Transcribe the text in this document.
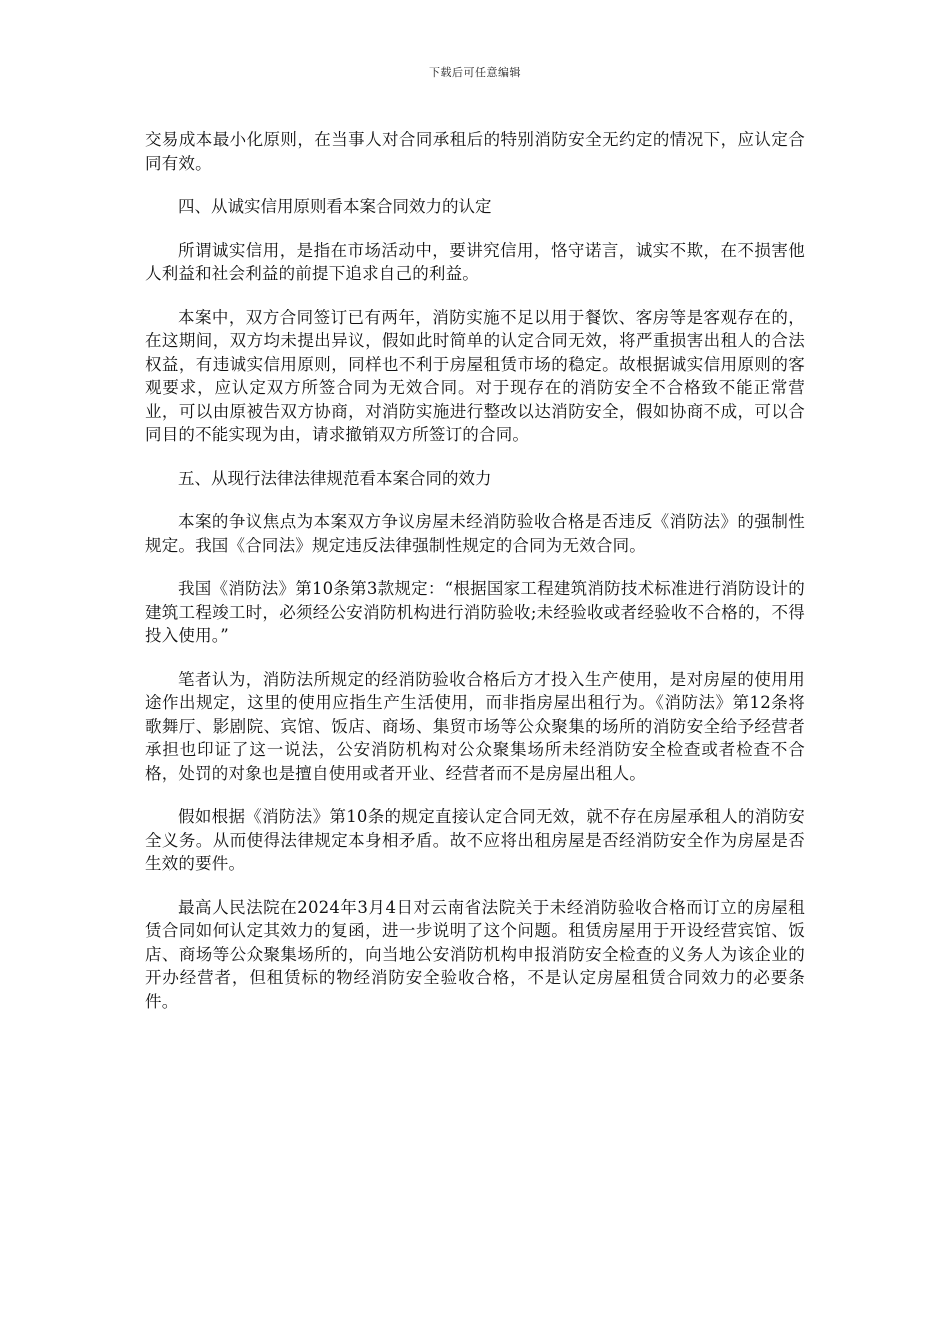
下载后可任意编辑

交易成本最小化原则，在当事人对合同承租后的特别消防安全无约定的情况下，应认定合同有效。

四、从诚实信用原则看本案合同效力的认定

所谓诚实信用，是指在市场活动中，要讲究信用，恪守诺言，诚实不欺，在不损害他人利益和社会利益的前提下追求自己的利益。

本案中，双方合同签订已有两年，消防实施不足以用于餐饮、客房等是客观存在的，在这期间，双方均未提出异议，假如此时简单的认定合同无效，将严重损害出租人的合法权益，有违诚实信用原则，同样也不利于房屋租赁市场的稳定。故根据诚实信用原则的客观要求，应认定双方所签合同为无效合同。对于现存在的消防安全不合格致不能正常营业，可以由原被告双方协商，对消防实施进行整改以达消防安全，假如协商不成，可以合同目的不能实现为由，请求撤销双方所签订的合同。

五、从现行法律法律规范看本案合同的效力

本案的争议焦点为本案双方争议房屋未经消防验收合格是否违反《消防法》的强制性规定。我国《合同法》规定违反法律强制性规定的合同为无效合同。

我国《消防法》第10条第3款规定：“根据国家工程建筑消防技术标准进行消防设计的建筑工程竣工时，必须经公安消防机构进行消防验收;未经验收或者经验收不合格的，不得投入使用。”

笔者认为，消防法所规定的经消防验收合格后方才投入生产使用，是对房屋的使用用途作出规定，这里的使用应指生产生活使用，而非指房屋出租行为。《消防法》第12条将歌舞厅、影剧院、宾馆、饭店、商场、集贸市场等公众聚集的场所的消防安全给予经营者承担也印证了这一说法，公安消防机构对公众聚集场所未经消防安全检查或者检查不合格，处罚的对象也是擅自使用或者开业、经营者而不是房屋出租人。

假如根据《消防法》第10条的规定直接认定合同无效，就不存在房屋承租人的消防安全义务。从而使得法律规定本身相矛盾。故不应将出租房屋是否经消防安全作为房屋是否生效的要件。

最高人民法院在2024年3月4日对云南省法院关于未经消防验收合格而订立的房屋租赁合同如何认定其效力的复函，进一步说明了这个问题。租赁房屋用于开设经营宾馆、饭店、商场等公众聚集场所的，向当地公安消防机构申报消防安全检查的义务人为该企业的开办经营者，但租赁标的物经消防安全验收合格，不是认定房屋租赁合同效力的必要条件。
